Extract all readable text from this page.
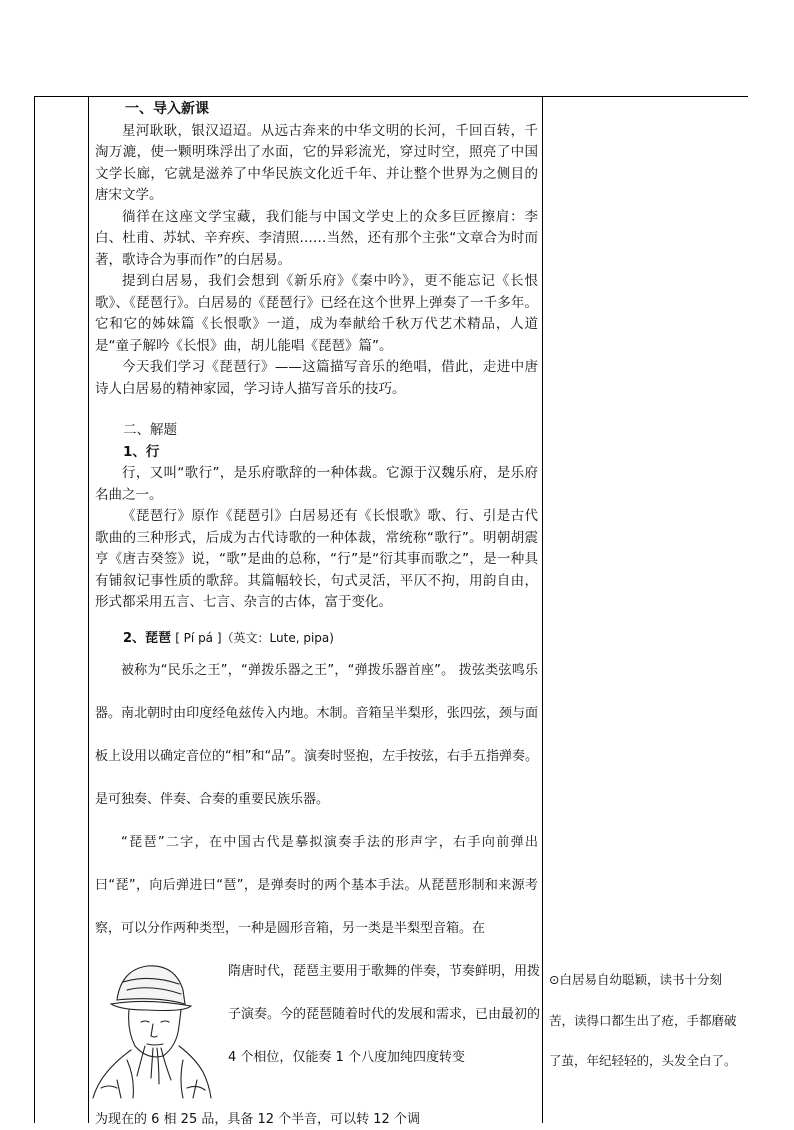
一、导入新课

星河耿耿，银汉迢迢。从远古奔来的中华文明的长河，千回百转，千淘万漉，使一颗明珠浮出了水面，它的异彩流光，穿过时空，照亮了中国文学长廊，它就是滋养了中华民族文化近千年、并让整个世界为之侧目的唐宋文学。

徜徉在这座文学宝藏，我们能与中国文学史上的众多巨匠擦肩：李白、杜甫、苏轼、辛弃疾、李清照……当然，还有那个主张“文章合为时而著，歌诗合为事而作”的白居易。

提到白居易，我们会想到《新乐府》《秦中吟》，更不能忘记《长恨歌》、《琵琶行》。白居易的《琵琶行》已经在这个世界上弹奏了一千多年。它和它的姊妹篇《长恨歌》一道，成为奉献给千秋万代艺术精品，人道是“童子解吟《长恨》曲，胡儿能唱《琵琶》篇”。

今天我们学习《琵琶行》——这篇描写音乐的绝唱，借此，走进中唐诗人白居易的精神家园，学习诗人描写音乐的技巧。

二、解题

1、行

行，又叫“歌行”，是乐府歌辞的一种体裁。它源于汉魏乐府，是乐府名曲之一。

《琵琶行》原作《琵琶引》白居易还有《长恨歌》歌、行、引是古代歌曲的三种形式，后成为古代诗歌的一种体裁，常统称“歌行”。明朝胡震亨《唐吉癸签》说，“歌”是曲的总称，“行”是“衍其事而歌之”，是一种具有铺叙记事性质的歌辞。其篇幅较长，句式灵活，平仄不拘，用韵自由，形式都采用五言、七言、杂言的古体，富于变化。

2、琵琶 [ Pí pá ]（英文：Lute, pipa)

被称为“民乐之王”，“弹拨乐器之王”，“弹拨乐器首座”。 拨弦类弦鸣乐器。南北朝时由印度经龟兹传入内地。木制。音箱呈半梨形，张四弦，颈与面板上设用以确定音位的“相”和“品”。演奏时竖抱，左手按弦，右手五指弹奏。是可独奏、伴奏、合奏的重要民族乐器。

“琵琶”二字，在中国古代是摹拟演奏手法的形声字，右手向前弹出曰“琵”，向后弹进曰“琶”，是弹奏时的两个基本手法。从琵琶形制和来源考察，可以分作两种类型，一种是圆形音箱，另一类是半梨型音箱。在

隋唐时代，琵琶主要用于歌舞的伴奏，节奏鲜明，用拨子演奏。今的琵琶随着时代的发展和需求，已由最初的 4 个相位，仅能奏 1 个八度加纯四度转变

为现在的 6 相 25 品，具备 12 个半音，可以转 12 个调

⊙白居易自幼聪颖，读书十分刻苦，读得口都生出了疮，手都磨破了茧，年纪轻轻的，头发全白了。
